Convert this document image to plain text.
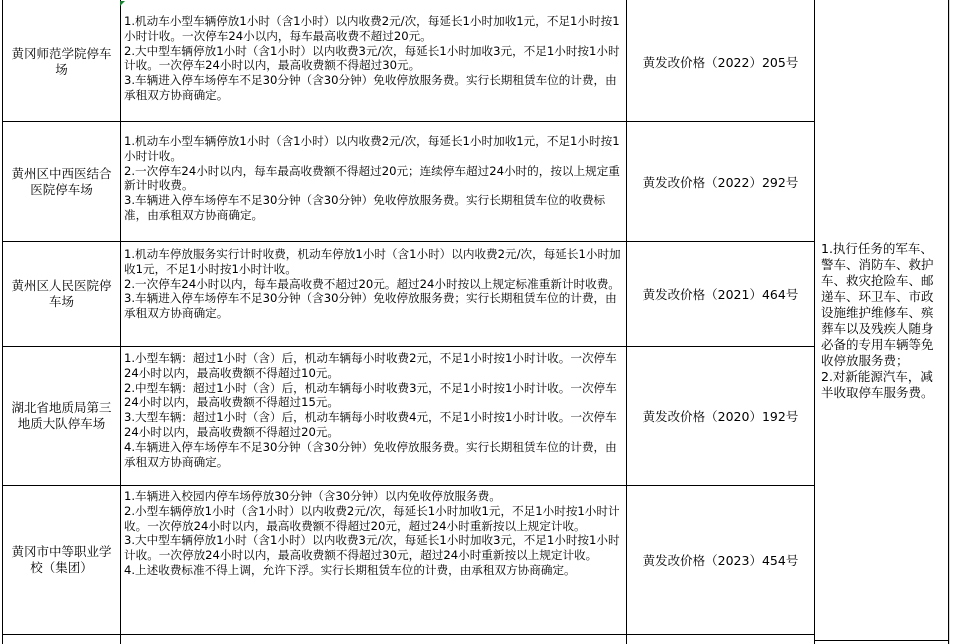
黄冈师范学院停车场
1.机动车小型车辆停放1小时（含1小时）以内收费2元/次，每延长1小时加收1元，不足1小时按1小时计收。一次停车24小以内，每车最高收费不超过20元。
2.大中型车辆停放1小时（含1小时）以内收费3元/次，每延长1小时加收3元，不足1小时按1小时计收。一次停车24小时以内，最高收费额不得超过30元。
3.车辆进入停车场停车不足30分钟（含30分钟）免收停放服务费。实行长期租赁车位的计费，由承租双方协商确定。
黄发改价格（2022）205号
黄州区中西医结合医院停车场
1.机动车小型车辆停放1小时（含1小时）以内收费2元/次，每延长1小时加收1元，不足1小时按1小时计收。
2.一次停车24小时以内，每车最高收费额不得超过20元；连续停车超过24小时的，按以上规定重新计时收费。
3.车辆进入停车场停车不足30分钟（含30分钟）免收停放服务费。实行长期租赁车位的收费标准，由承租双方协商确定。
黄发改价格（2022）292号
黄州区人民医院停车场
1.机动车停放服务实行计时收费，机动车停放1小时（含1小时）以内收费2元/次，每延长1小时加收1元，不足1小时按1小时计收。
2.一次停车24小时以内，每车最高收费不超过20元。超过24小时按以上规定标准重新计时收费。
3.车辆进入停车场停车不足30分钟（含30分钟）免收停放服务费；实行长期租赁车位的计费，由承租双方协商确定。
黄发改价格（2021）464号
湖北省地质局第三地质大队停车场
1.小型车辆：超过1小时（含）后，机动车辆每小时收费2元，不足1小时按1小时计收。一次停车24小时以内，最高收费额不得超过10元。
2.中型车辆：超过1小时（含）后，机动车辆每小时收费3元，不足1小时按1小时计收。一次停车24小时以内，最高收费额不得超过15元。
3.大型车辆：超过1小时（含）后，机动车辆每小时收费4元，不足1小时按1小时计收。一次停车24小时以内，最高收费额不得超过20元。
4.车辆进入停车场停车不足30分钟（含30分钟）免收停放服务费。实行长期租赁车位的计费，由承租双方协商确定。
黄发改价格（2020）192号
黄冈市中等职业学校（集团）
1.车辆进入校园内停车场停放30分钟（含30分钟）以内免收停放服务费。
2.小型车辆停放1小时（含1小时）以内收费2元/次，每延长1小时加收1元，不足1小时按1小时计收。一次停放24小时以内，最高收费额不得超过20元，超过24小时重新按以上规定计收。
3.大中型车辆停放1小时（含1小时）以内收费3元/次，每延长1小时加收3元，不足1小时按1小时计收。一次停放24小时以内，最高收费额不得超过30元，超过24小时重新按以上规定计收。
4.上述收费标准不得上调，允许下浮。实行长期租赁车位的计费，由承租双方协商确定。
黄发改价格（2023）454号
1.执行任务的军车、警车、消防车、救护车、救灾抢险车、邮递车、环卫车、市政设施维护维修车、殡葬车以及残疾人随身必备的专用车辆等免收停放服务费；
2.对新能源汽车，减半收取停车服务费。
